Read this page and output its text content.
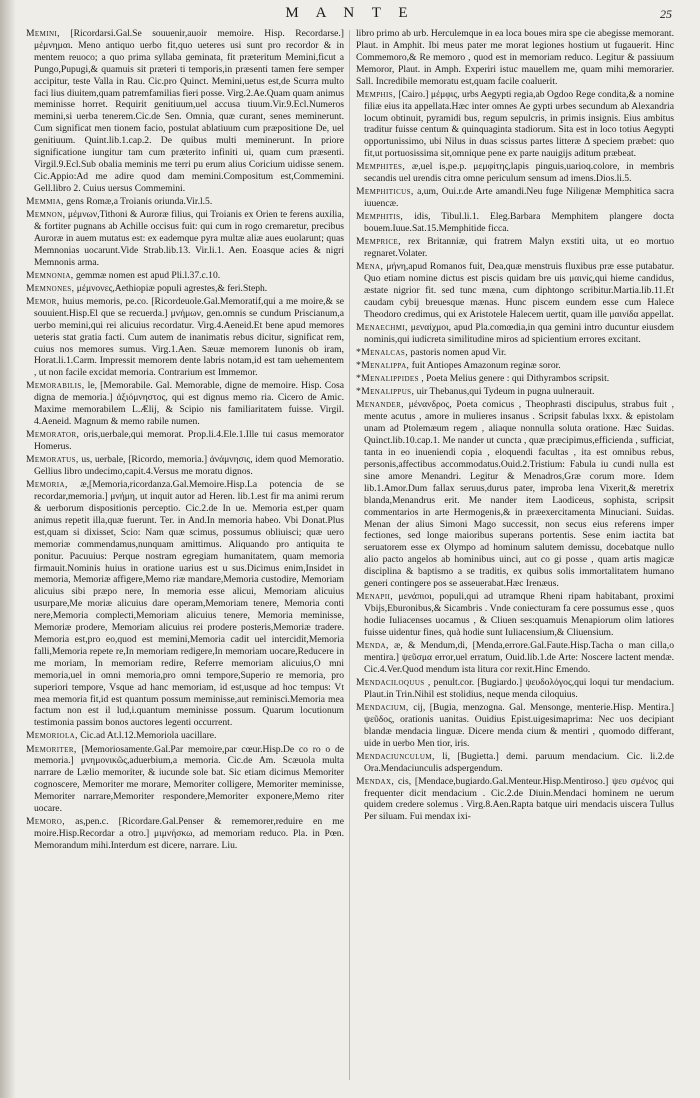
M A N T E	25

Memini, [Ricordarsi.Gal.Se souuenir,auoir memoire. Hisp. Recordarse.] μέμνημαι. Meno antiquo uerbo fit,quo ueteres usi sunt pro recordor & in mentem reuoco; a quo prima syllaba geminata, fit præteritum Memini,ficut a Pungo,Pupugi,& quamuis sit præteri ti temporis,in præsenti tamen fere semper accipitur, teste Valla in Rau. Cic.pro Quinct. Memini,uetus est,de Scurra multo faci lius diuitem,quam patremfamilias fieri posse. Virg.2.Ae.Quam quam animus meminisse horret. Requirit genitiuum,uel accusa tiuum.Vir.9.Ecl.Numeros memini,si uerba tenerem.Cic.de Sen. Omnia, quæ curant, senes meminerunt. Cum significat men tionem facio, postulat ablatiuum cum præpositione De, uel genitiuum. Quint.lib.1.cap.2. De quibus multi meminerunt. In priore significatione iungitur tam cum præterito infiniti ui, quam cum præsenti. Virgil.9.Ecl.Sub obalia meminis me terri pu erum alius Coricium uidisse senem. Cic.Appio:Ad me adire quod dam memini.Compositum est,Commemini. Gell.libro 2. Cuius uersus Commemini.

Memmia, gens Romæ,a Troianis oriunda.Vir.l.5.

Memnon, μέμνων,Tithoni & Auroræ filius, qui Troianis ex Orien te ferens auxilia, & fortiter pugnans ab Achille occisus fuit: qui cum in rogo cremaretur, precibus Auroræ in auem mutatus est: ex eademque pyra multæ aliæ aues euolarunt; quas Memnonias uocarunt.Vide Strab.lib.13. Vir.li.1. Aen. Eoasque acies & nigri Memnonis arma.

Memnonia, gemmæ nomen est apud Pli.l.37.c.10.

Memnones, μέμνονες,Aethiopiæ populi agrestes,& feri.Steph.

Memor, huius memoris, pe.co. [Ricordeuole.Gal.Memoratif,qui a me moire,& se souuient.Hisp.El que se recuerda.] μνήμων, gen.omnis se cundum Priscianum,a uerbo memini,qui rei alicuius recordatur. Virg.4.Aeneid.Et bene apud memores ueteris stat gratia facti. Cum autem de inanimatis rebus dicitur, significat rem, cuius nos memores sumus. Virg.1.Aen. Sæuæ memorem Iunonis ob iram, Horat.li.1.Carm. Impressit memorem dente labris notam,id est tam uehementem , ut non facile excidat memoria. Contrarium est Immemor.

Memorabilis, le, [Memorabile. Gal. Memorable, digne de memoire. Hisp. Cosa digna de memoria.] ἀξιόμνηστος, qui est dignus memo ria. Cicero de Amic. Maxime memorabilem L.Ælij, & Scipio nis familiaritatem fuisse. Virgil. 4.Aeneid. Magnum & memo rabile numen.

Memorator, oris,uerbale,qui memorat. Prop.li.4.Ele.1.Ille tui casus memorator Homerus.

Memoratus, us, uerbale, [Ricordo, memoria.] ἀνάμνησις, idem quod Memoratio. Gellius libro undecimo,capit.4.Versus me moratu dignos.

Memoria, æ,[Memoria,ricordanza.Gal.Memoire.Hisp.La potencia de se recordar,memoria.] μνήμη, ut inquit autor ad Heren. lib.1.est fir ma animi rerum & uerborum dispositionis perceptio. Cic.2.de In ue. Memoria est,per quam animus repetit illa,quæ fuerunt. Ter. in And.In memoria habeo. Vbi Donat.Plus est,quam si dixisset, Scio: Nam quæ scimus, possumus obliuisci; quæ uero memoriæ commendamus,nunquam amittimus. Aliquando pro antiquita te ponitur. Pacuuius: Perque nostram egregiam humanitatem, quam memoria firmauit.Nominis huius in oratione uarius est u sus.Dicimus enim,Insidet in memoria, Memoriæ affigere,Memo riæ mandare,Memoria custodire, Memoriam alicuius sibi præpo nere, In memoria esse alicui, Memoriam alicuius usurpare,Me moriæ alicuius dare operam,Memoriam tenere, Memoria conti nere,Memoria complecti,Memoriam alicuius tenere, Memoria meminisse, Memoriæ prodere, Memoriam alicuius rei prodere posteris,Memoriæ tradere. Memoria est,pro eo,quod est memini,Memoria cadit uel intercidit,Memoria falli,Memoria repete re,In memoriam redigere,In memoriam uocare,Reducere in me moriam, In memoriam redire, Referre memoriam alicuius,O mni memoria,uel in omni memoria,pro omni tempore,Superio re memoria, pro superiori tempore, Vsque ad hanc memoriam, id est,usque ad hoc tempus: Vt mea memoria fit,id est quantum possum meminisse,aut reminisci.Memoria mea factum non est il lud,i.quantum meminisse possum. Quarum locutionum testimonia passim bonos auctores legenti occurrent.

Memoriola, Cic.ad At.l.12.Memoriola uacillare.

Memoriter, [Memoriosamente.Gal.Par memoire,par cœur.Hisp.De co ro o de memoria.] μνημονικῶς,aduerbium,a memoria. Cic.de Am. Scæuola multa narrare de Lælio memoriter, & iucunde sole bat. Sic etiam dicimus Memoriter cognoscere, Memoriter me morare, Memoriter colligere, Memoriter meminisse, Memoriter narrare,Memoriter respondere,Memoriter exponere,Memo riter uocare.

Memoro, as,pen.c. [Ricordare.Gal.Penser & rememorer,reduire en me moire.Hisp.Recordar a otro.] μιμνήσκω, ad memoriam reduco. Pla. in Pœn. Memorandum mihi.Interdum est dicere, narrare. Liu.

libro primo ab urb. Herculemque in ea loca boues mira spe cie abegisse memorant. Plaut. in Amphit. Ibi meus pater me morat legiones hostium ut fugauerit. Hinc Commemoro,& Re memoro , quod est in memoriam reduco. Legitur & passiuum Memoror, Plaut. in Amph. Experiri istuc mauellem me, quam mihi memorarier. Sall. Incredibile memoratu est,quam facile coaluerit.

Memphis, [Cairo.] μέμφις, urbs Aegypti regia,ab Ogdoo Rege condita,& a nomine filiæ eius ita appellata.Hæc inter omnes Ae gypti urbes secundum ab Alexandria locum obtinuit, pyramidi bus, regum sepulcris, in primis insignis. Eius ambitus traditur fuisse centum & quinquaginta stadiorum. Sita est in loco totius Aegypti opportunissimo, ubi Nilus in duas scissus partes litteræ Δ speciem præbet: quo fit,ut portuosissima sit,omnique pene ex parte nauigijs aditum præbeat.

Memphites, æ,uel is,pe.p. μεμφίτης,lapis pinguis,uarioq.colore, in membris secandis uel urendis citra omne periculum sensum ad imens.Dios.li.5.

Memphiticus, a,um, Oui.r.de Arte amandi.Neu fuge Niligenæ Memphitica sacra iuuencæ.

Memphitis, idis, Tibul.li.1. Eleg.Barbara Memphitem plangere docta bouem.Iuue.Sat.15.Memphitide ficca.

Memprice, rex Britanniæ, qui fratrem Malyn exstiti uita, ut eo mortuo regnaret.Volater.

Mena, μήνη,apud Romanos fuit, Dea,quæ menstruis fluxibus præ esse putabatur. Quo etiam nomine dictus est piscis quidam bre uis μαινίς,qui hieme candidus, æstate nigrior fit. sed tunc mæna, cum diphtongo scribitur.Martia.lib.11.Et caudam cybij breuesque mænas. Hunc piscem eundem esse cum Halece Theodoro credimus, qui ex Aristotele Halecem uertit, quam ille μαινίδα appellat.

Menaechmi, μεναίχμοι, apud Pla.comœdia,in qua gemini intro ducuntur eiusdem nominis,qui iudicreta similitudine miros ad spicientium errores excitant.

*Menalcas, pastoris nomen apud Vir.

*Menalippa, fuit Antiopes Amazonum reginæ soror.

*Menalippides , Poeta Melius genere : qui Dithyrambos scripsit.

*Menalippus, uir Thebanus,qui Tydeum in pugna uulnerauit.

Menander, μένανδρος, Poeta comicus , Theophrasti discipulus, strabus fuit , mente acutus , amore in mulieres insanus . Scripsit fabulas lxxx. & epistolam unam ad Ptolemæum regem , aliaque nonnulla soluta oratione. Hæc Suidas. Quinct.lib.10.cap.1. Me nander ut cuncta , quæ præcipimus,efficienda , sufficiat, tanta in eo inueniendi copia , eloquendi facultas , ita est omnibus rebus, personis,affectibus accommodatus.Ouid.2.Tristium: Fabula iu cundi nulla est sine amore Menandri. Legitur & Menadros,Græ corum more. Idem lib.1.Amor.Dum fallax seruus,durus pater, improba lena Vixerit,& meretrix blanda,Menandrus erit. Me nander item Laodiceus, sophista, scripsit commentarios in arte Hermogenis,& in præexercitamenta Minuciani. Suidas. Menan der alius Simoni Mago successit, non secus eius referens imper fectiones, sed longe maioribus superans portentis. Sese enim iactita bat seruatorem esse ex Olympo ad hominum salutem demissu, docebatque nullo alio pacto angelos ab hominibus uinci, aut co gi posse , quam artis magicæ disciplina & baptismo a se traditis, ex quibus solis immortalitatem humano generi contingere pos se asseuerabat.Hæc Irenæus.

Menapii, μενάπιοι, populi,qui ad utramque Rheni ripam habitabant, proximi Vbijs,Eburonibus,& Sicambris . Vnde coniecturam fa cere possumus esse , quos hodie Iuliacenses uocamus , & Cliuen ses:quamuis Menapiorum olim latiores fuisse uidentur fines, quà hodie sunt Iuliacensium,& Cliuensium.

Menda, æ, & Mendum,di, [Menda,errore.Gal.Faute.Hisp.Tacha o man cilla,o mentira.] ψεῦσμα error,uel erratum, Ouid.lib.1.de Arte: Noscere lactent mendæ. Cic.4.Ver.Quod mendum ista litura cor rexit.Hinc Emendo.

Mendaciloquus , penult.cor. [Bugiardo.] ψευδολόγος,qui loqui tur mendacium. Plaut.in Trin.Nihil est stolidius, neque menda ciloquius.

Mendacium, cij, [Bugia, menzogna. Gal. Mensonge, menterie.Hisp. Mentira.] ψεῦδος, orationis uanitas. Ouidius Epist.uigesimaprima: Nec uos decipiant blandæ mendacia linguæ. Dicere menda cium & mentiri , quomodo differant, uide in uerbo Men tior, iris.

Mendaciunculum, li, [Bugietta.] demi. paruum mendacium. Cic. li.2.de Ora.Mendaciunculis adspergendum.

Mendax, cis, [Mendace,bugiardo.Gal.Menteur.Hisp.Mentiroso.] ψευ σμένος qui frequenter dicit mendacium . Cic.2.de Diuin.Mendaci hominem ne uerum quidem credere solemus . Virg.8.Aen.Rapta batque uiri mendacis uiscera Tullus Per siluam. Fui mendax ixi-
